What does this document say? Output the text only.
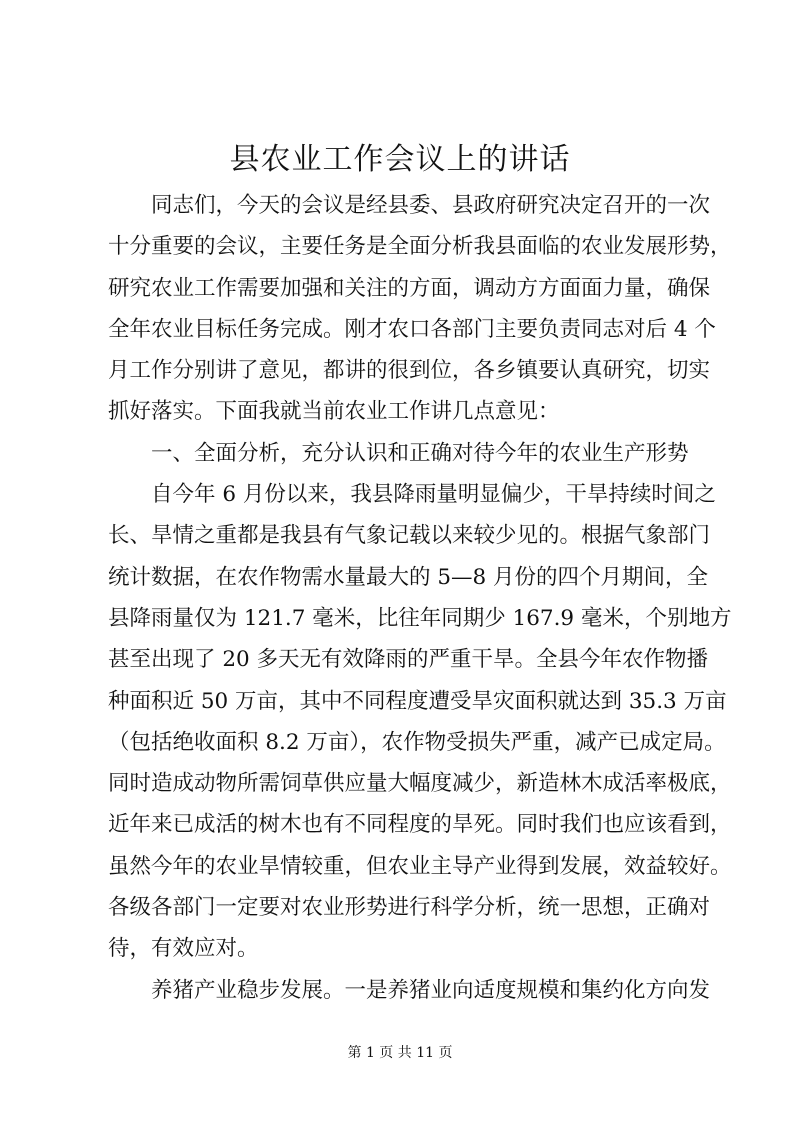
县农业工作会议上的讲话
同志们，今天的会议是经县委、县政府研究决定召开的一次
十分重要的会议，主要任务是全面分析我县面临的农业发展形势，
研究农业工作需要加强和关注的方面，调动方方面面力量，确保
全年农业目标任务完成。刚才农口各部门主要负责同志对后 4 个
月工作分别讲了意见，都讲的很到位，各乡镇要认真研究，切实
抓好落实。下面我就当前农业工作讲几点意见：
一、全面分析，充分认识和正确对待今年的农业生产形势
自今年 6 月份以来，我县降雨量明显偏少，干旱持续时间之
长、旱情之重都是我县有气象记载以来较少见的。根据气象部门
统计数据，在农作物需水量最大的 5—8 月份的四个月期间，全
县降雨量仅为 121.7 毫米，比往年同期少 167.9 毫米，个别地方
甚至出现了 20 多天无有效降雨的严重干旱。全县今年农作物播
种面积近 50 万亩，其中不同程度遭受旱灾面积就达到 35.3 万亩
（包括绝收面积 8.2 万亩），农作物受损失严重，减产已成定局。
同时造成动物所需饲草供应量大幅度减少，新造林木成活率极底，
近年来已成活的树木也有不同程度的旱死。同时我们也应该看到，
虽然今年的农业旱情较重，但农业主导产业得到发展，效益较好。
各级各部门一定要对农业形势进行科学分析，统一思想，正确对
待，有效应对。
养猪产业稳步发展。一是养猪业向适度规模和集约化方向发
第 1 页 共 11 页
